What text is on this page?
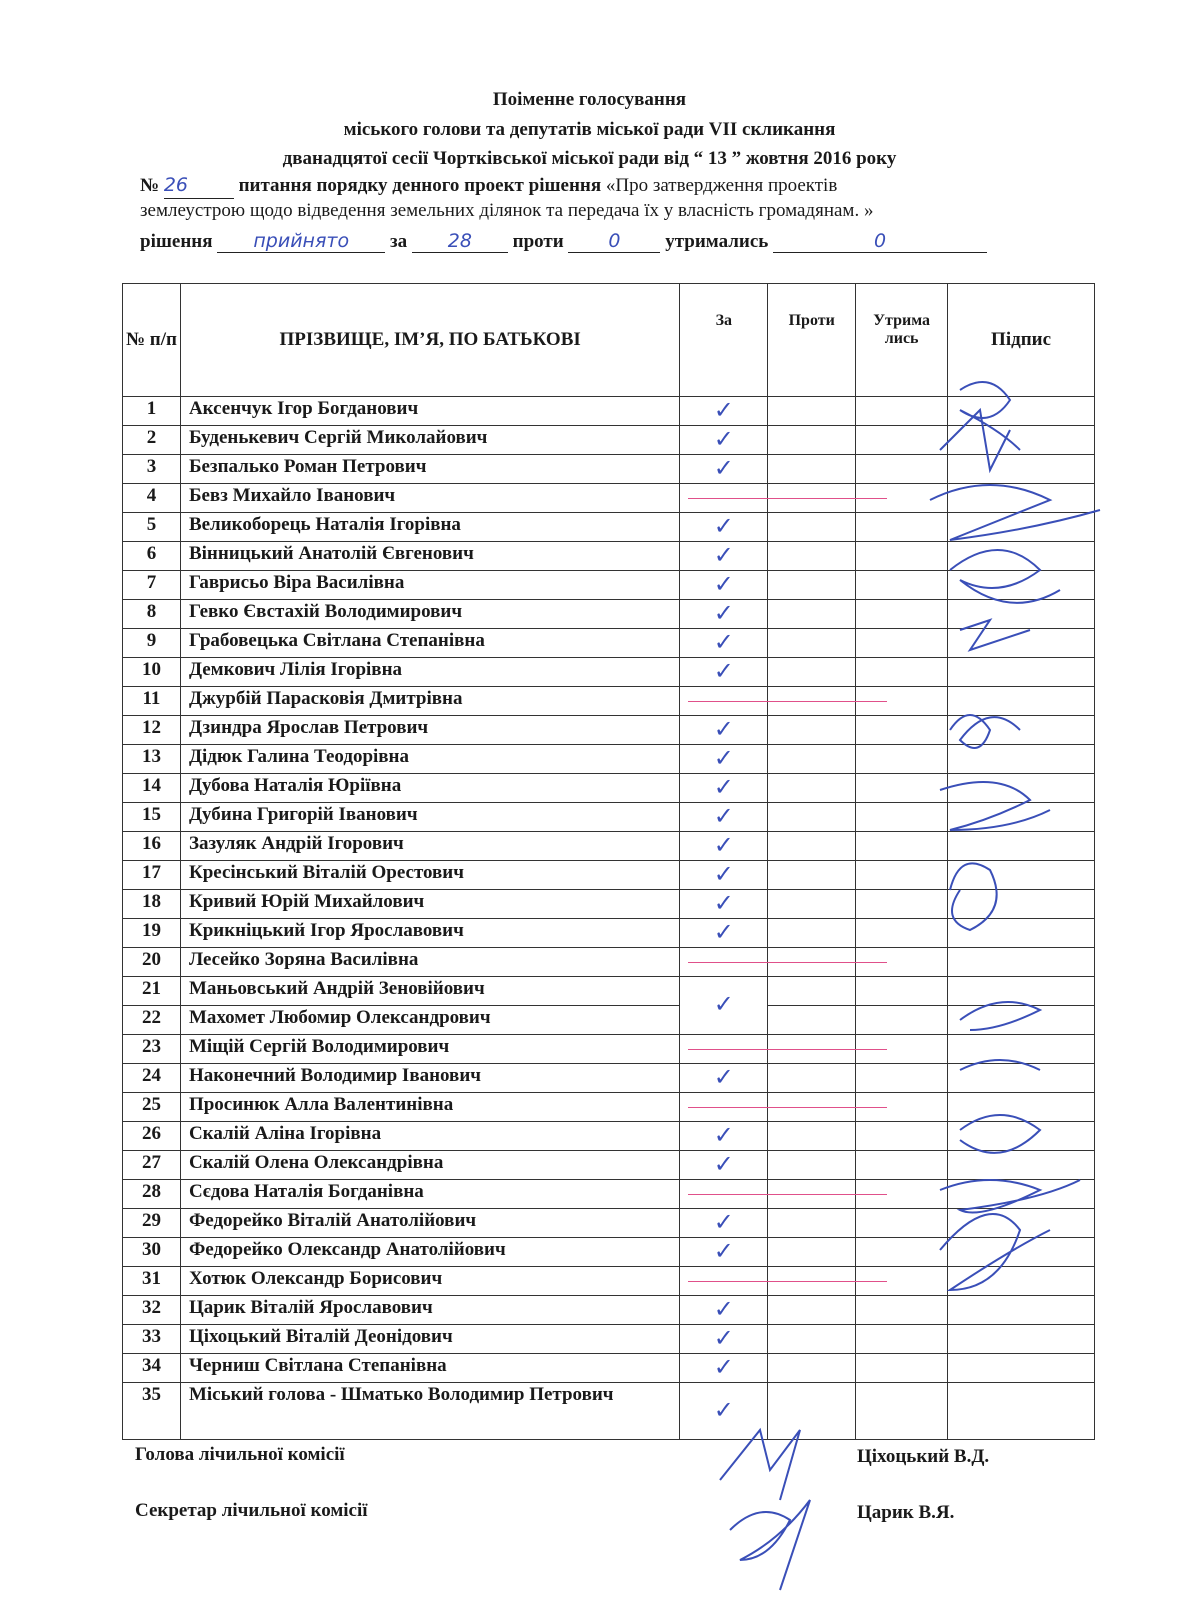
Поіменне голосування
міського голови та депутатів міської ради VII скликання
дванадцятої сесії Чортківської міської ради від “ 13 ” жовтня 2016 року
№ 26	питання порядку денного проект рішення «Про затвердження проектів
землеустрою щодо відведення земельних ділянок та передача їх у власність громадянам. »
рішення прийнято за 28 проти 0 утримались	0
№ п/п	ПРІЗВИЩЕ, ІМ’Я, ПО БАТЬКОВІ	За	Проти	Утрима лись	Підпис
1	Аксенчук Ігор Богданович	✓			
2	Буденькевич Сергій Миколайович	✓			
3	Безпалько Роман Петрович	✓			
4	Бевз Михайло Іванович	

5	Великоборець Наталія Ігорівна	✓			
6	Вінницький Анатолій Євгенович	✓			
7	Гаврисьо Віра Василівна	✓			
8	Гевко Євстахій Володимирович	✓			
9	Грабовецька Світлана Степанівна	✓			
10	Демкович Лілія Ігорівна	✓			
11	Джурбій Парасковія Дмитрівна	

12	Дзиндра Ярослав Петрович	✓			
13	Дідюк Галина Теодорівна	✓			
14	Дубова Наталія Юріївна	✓			
15	Дубина Григорій Іванович	✓			
16	Зазуляк Андрій Ігорович	✓			
17	Кресінський Віталій Орестович	✓			
18	Кривий Юрій Михайлович	✓			
19	Крикніцький Ігор Ярославович	✓			
20	Лесейко Зоряна Василівна	

21	Маньовський Андрій Зеновійович	✓			
22	Махомет Любомир Олександрович				
23	Міщій Сергій Володимирович	

24	Наконечний Володимир Іванович	✓			
25	Просинюк Алла Валентинівна	

26	Скалій Аліна Ігорівна	✓			
27	Скалій Олена Олександрівна	✓			
28	Сєдова Наталія Богданівна	

29	Федорейко Віталій Анатолійович	✓			
30	Федорейко Олександр Анатолійович	✓			
31	Хотюк Олександр Борисович	

32	Царик Віталій Ярославович	✓			
33	Ціхоцький Віталій Деонідович	✓			
34	Черниш Світлана Степанівна	✓			
35	Міський голова - Шматько Володимир Петрович	✓			
Голова лічильної комісії
Секретар лічильної комісії
Ціхоцький В.Д.
Царик В.Я.
